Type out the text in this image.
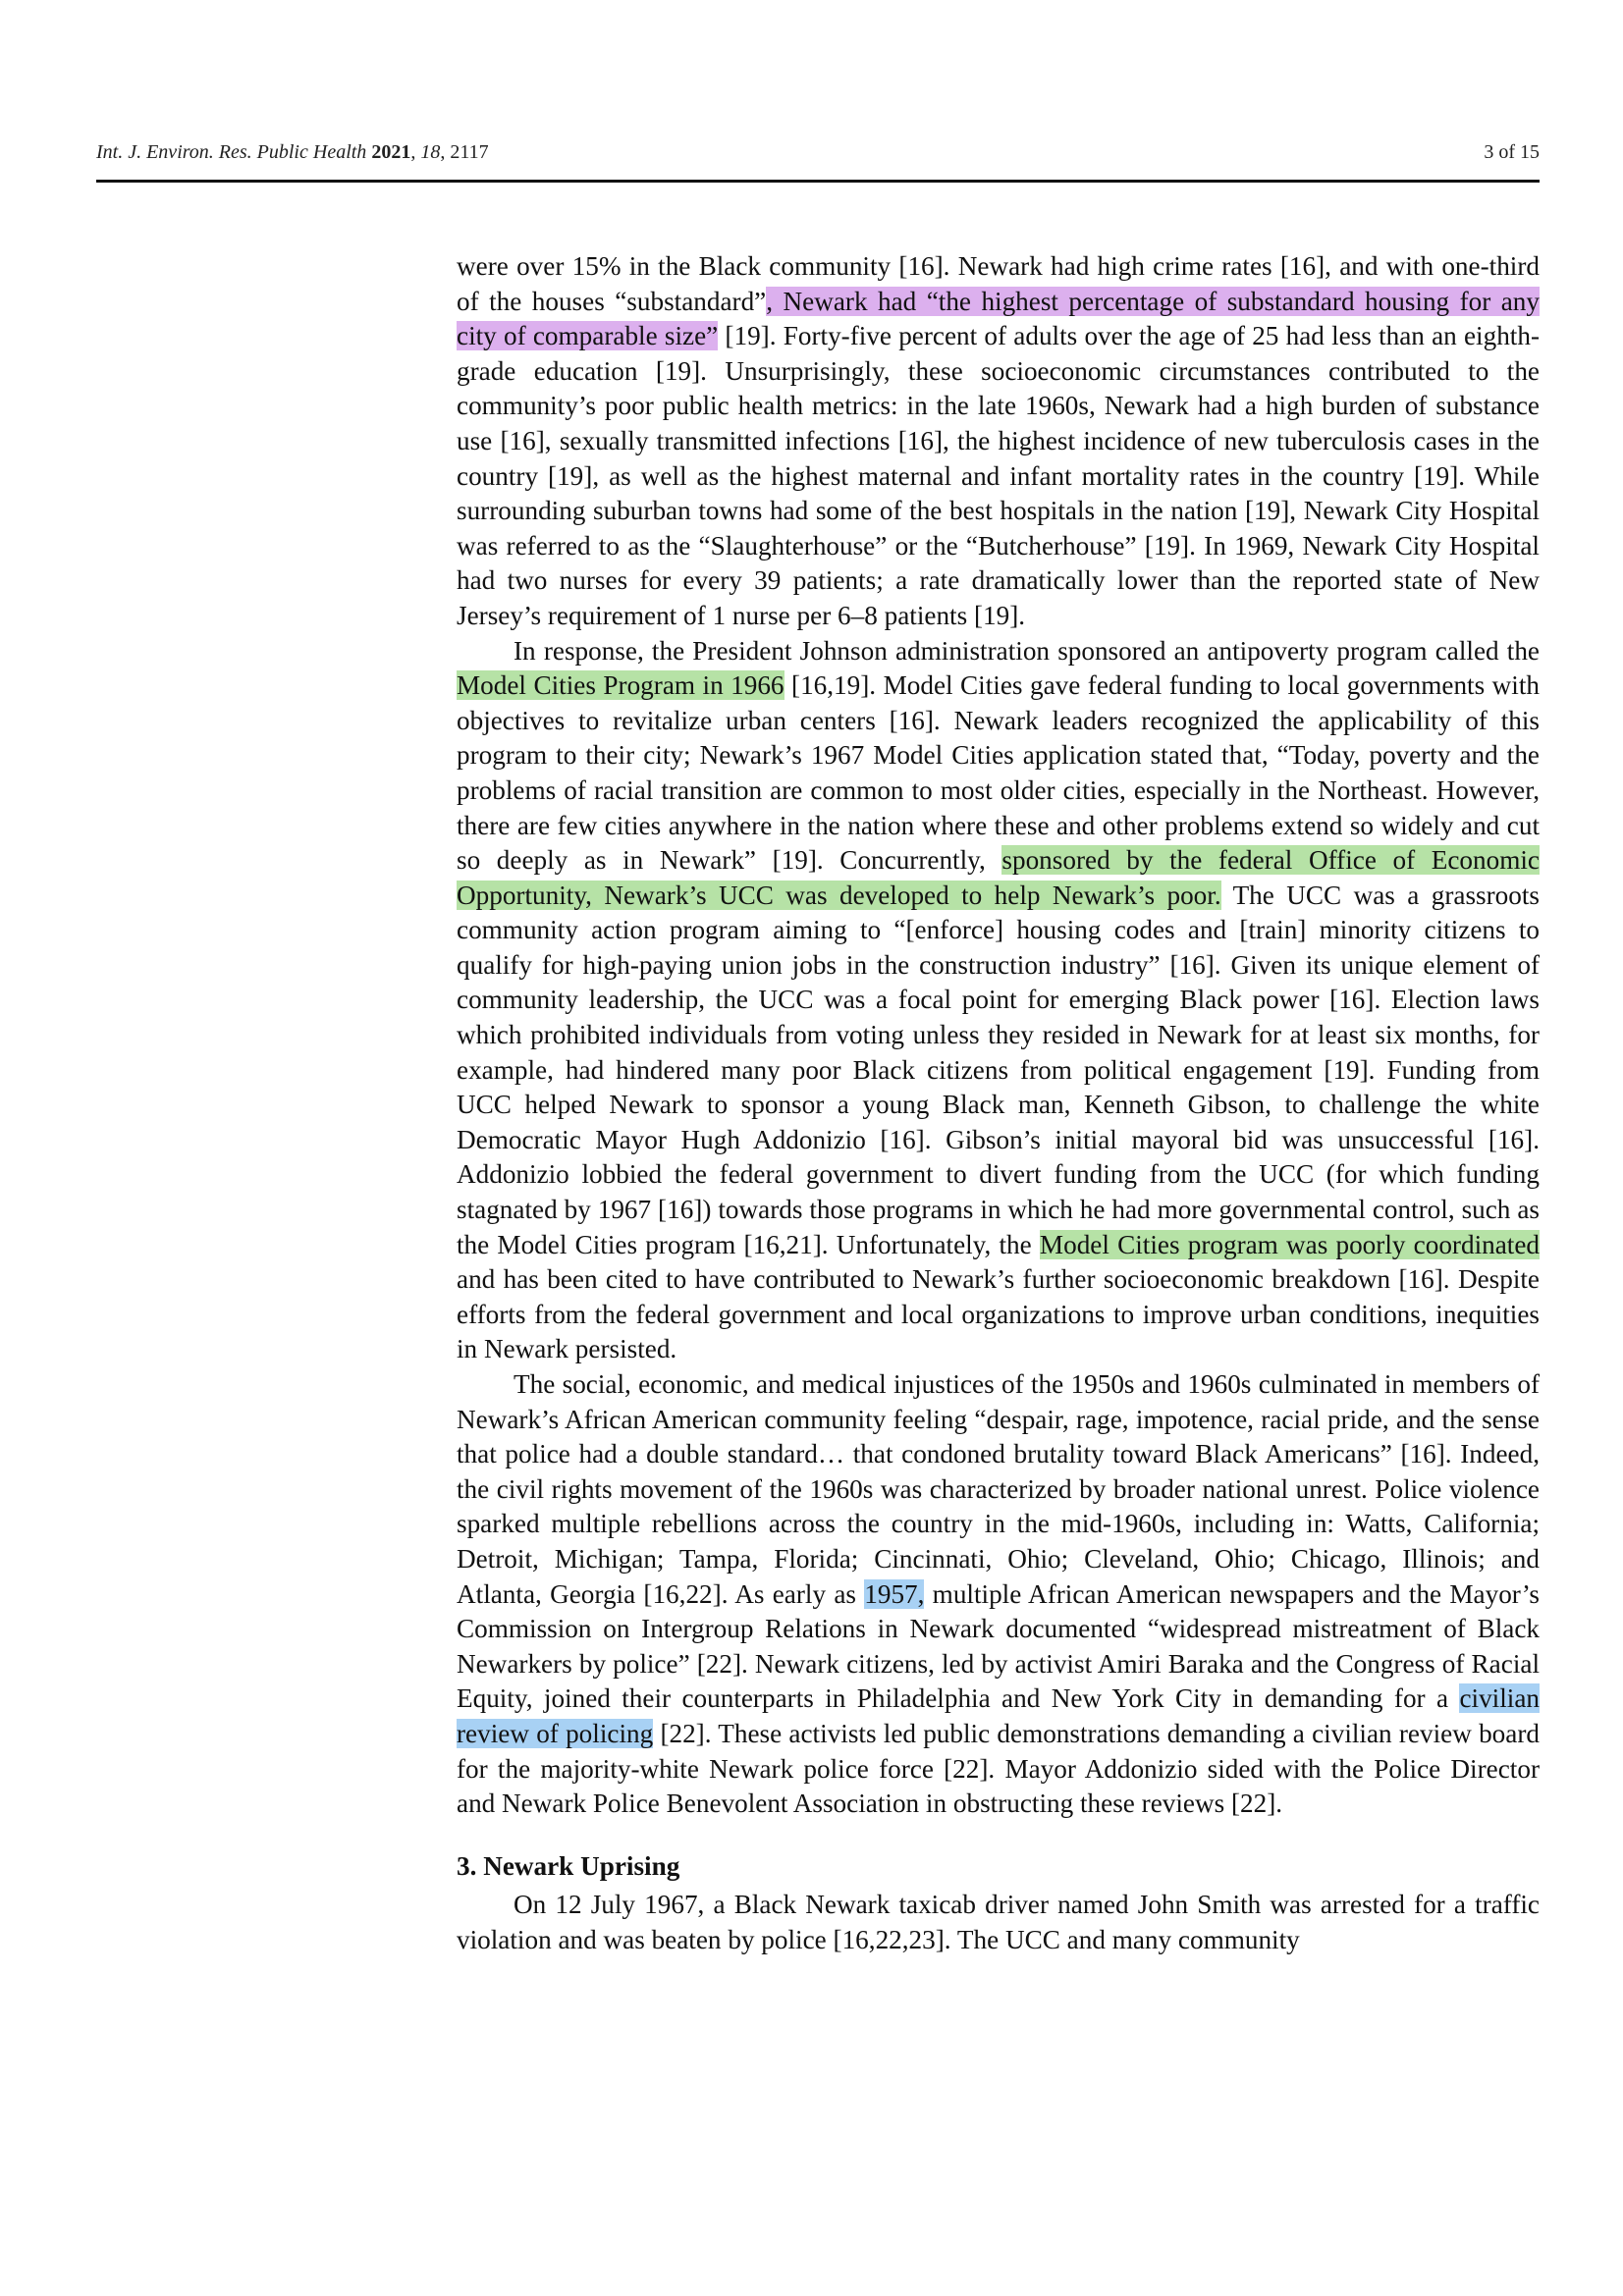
Int. J. Environ. Res. Public Health 2021, 18, 2117	3 of 15

were over 15% in the Black community [16]. Newark had high crime rates [16], and with one-third of the houses “substandard”, Newark had “the highest percentage of substandard housing for any city of comparable size” [19]. Forty-five percent of adults over the age of 25 had less than an eighth-grade education [19]. Unsurprisingly, these socioeconomic circumstances contributed to the community’s poor public health metrics: in the late 1960s, Newark had a high burden of substance use [16], sexually transmitted infections [16], the highest incidence of new tuberculosis cases in the country [19], as well as the highest maternal and infant mortality rates in the country [19]. While surrounding suburban towns had some of the best hospitals in the nation [19], Newark City Hospital was referred to as the “Slaughterhouse” or the “Butcherhouse” [19]. In 1969, Newark City Hospital had two nurses for every 39 patients; a rate dramatically lower than the reported state of New Jersey’s requirement of 1 nurse per 6–8 patients [19].

In response, the President Johnson administration sponsored an antipoverty program called the Model Cities Program in 1966 [16,19]. Model Cities gave federal funding to local governments with objectives to revitalize urban centers [16]. Newark leaders recognized the applicability of this program to their city; Newark’s 1967 Model Cities application stated that, “Today, poverty and the problems of racial transition are common to most older cities, especially in the Northeast. However, there are few cities anywhere in the nation where these and other problems extend so widely and cut so deeply as in Newark” [19]. Concurrently, sponsored by the federal Office of Economic Opportunity, Newark’s UCC was developed to help Newark’s poor. The UCC was a grassroots community action program aiming to “[enforce] housing codes and [train] minority citizens to qualify for high-paying union jobs in the construction industry” [16]. Given its unique element of community leadership, the UCC was a focal point for emerging Black power [16]. Election laws which prohibited individuals from voting unless they resided in Newark for at least six months, for example, had hindered many poor Black citizens from political engagement [19]. Funding from UCC helped Newark to sponsor a young Black man, Kenneth Gibson, to challenge the white Democratic Mayor Hugh Addonizio [16]. Gibson’s initial mayoral bid was unsuccessful [16]. Addonizio lobbied the federal government to divert funding from the UCC (for which funding stagnated by 1967 [16]) towards those programs in which he had more governmental control, such as the Model Cities program [16,21]. Unfortunately, the Model Cities program was poorly coordinated and has been cited to have contributed to Newark’s further socioeconomic breakdown [16]. Despite efforts from the federal government and local organizations to improve urban conditions, inequities in Newark persisted.

The social, economic, and medical injustices of the 1950s and 1960s culminated in members of Newark’s African American community feeling “despair, rage, impotence, racial pride, and the sense that police had a double standard… that condoned brutality toward Black Americans” [16]. Indeed, the civil rights movement of the 1960s was characterized by broader national unrest. Police violence sparked multiple rebellions across the country in the mid-1960s, including in: Watts, California; Detroit, Michigan; Tampa, Florida; Cincinnati, Ohio; Cleveland, Ohio; Chicago, Illinois; and Atlanta, Georgia [16,22]. As early as 1957, multiple African American newspapers and the Mayor’s Commission on Intergroup Relations in Newark documented “widespread mistreatment of Black Newarkers by police” [22]. Newark citizens, led by activist Amiri Baraka and the Congress of Racial Equity, joined their counterparts in Philadelphia and New York City in demanding for a civilian review of policing [22]. These activists led public demonstrations demanding a civilian review board for the majority-white Newark police force [22]. Mayor Addonizio sided with the Police Director and Newark Police Benevolent Association in obstructing these reviews [22].

3. Newark Uprising

On 12 July 1967, a Black Newark taxicab driver named John Smith was arrested for a traffic violation and was beaten by police [16,22,23]. The UCC and many community
